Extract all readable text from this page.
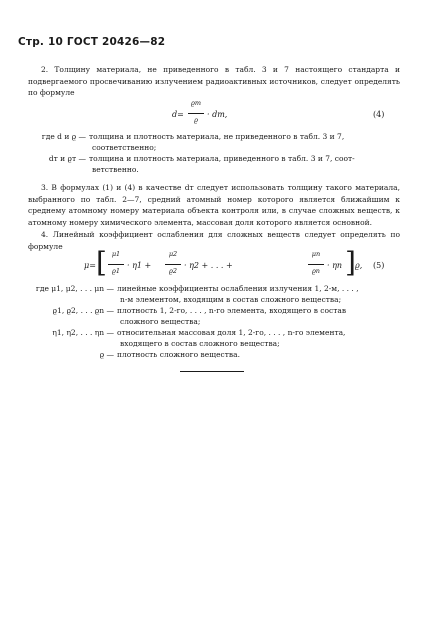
Стр. 10 ГОСТ 20426—82
2. Толщину материала, не приведенного в табл. 3 и 7 настоящего стандарта и подвергаемого просвечиванию излучением радиоактивных источников, следует определять по формуле
d=
ϱт
ϱ
· dт,	(4)
где d и ϱ — толщина и плотность материала, не приведенного в табл. 3 и 7,
соответственно;
dт и ϱт — толщина и плотность материала, приведенного в табл. 3 и 7, соот-
ветственно.
3. В формулах (1) и (4) в качестве dт следует использовать толщину такого материала, выбранного по табл. 2—7, средний атомный номер которого является ближайшим к среднему атомному номеру материала объекта контроля или, в случае сложных веществ, к атомному номеру химического элемента, массовая доля которого является основной.
4. Линейный коэффициент ослабления для сложных веществ следует определять по формуле
μ= [ μ1
ϱ1
· η1 +
μ2
ϱ2
· η2 + . . . +
μn
ϱn
· ηn ] ϱ, (5)
где μ1, μ2, . . . μn — линейные коэффициенты ослабления излучения 1, 2-м, . . . ,
n-м элементом, входящим в состав сложного вещества;
ϱ1, ϱ2, . . . ϱn — плотность 1, 2-го, . . . , n-го элемента, входящего в состав
сложного вещества;
η1, η2, . . . ηn — относительная массовая доля 1, 2-го, . . . , n-го элемента,
входящего в состав сложного вещества;
ϱ — плотность сложного вещества.
